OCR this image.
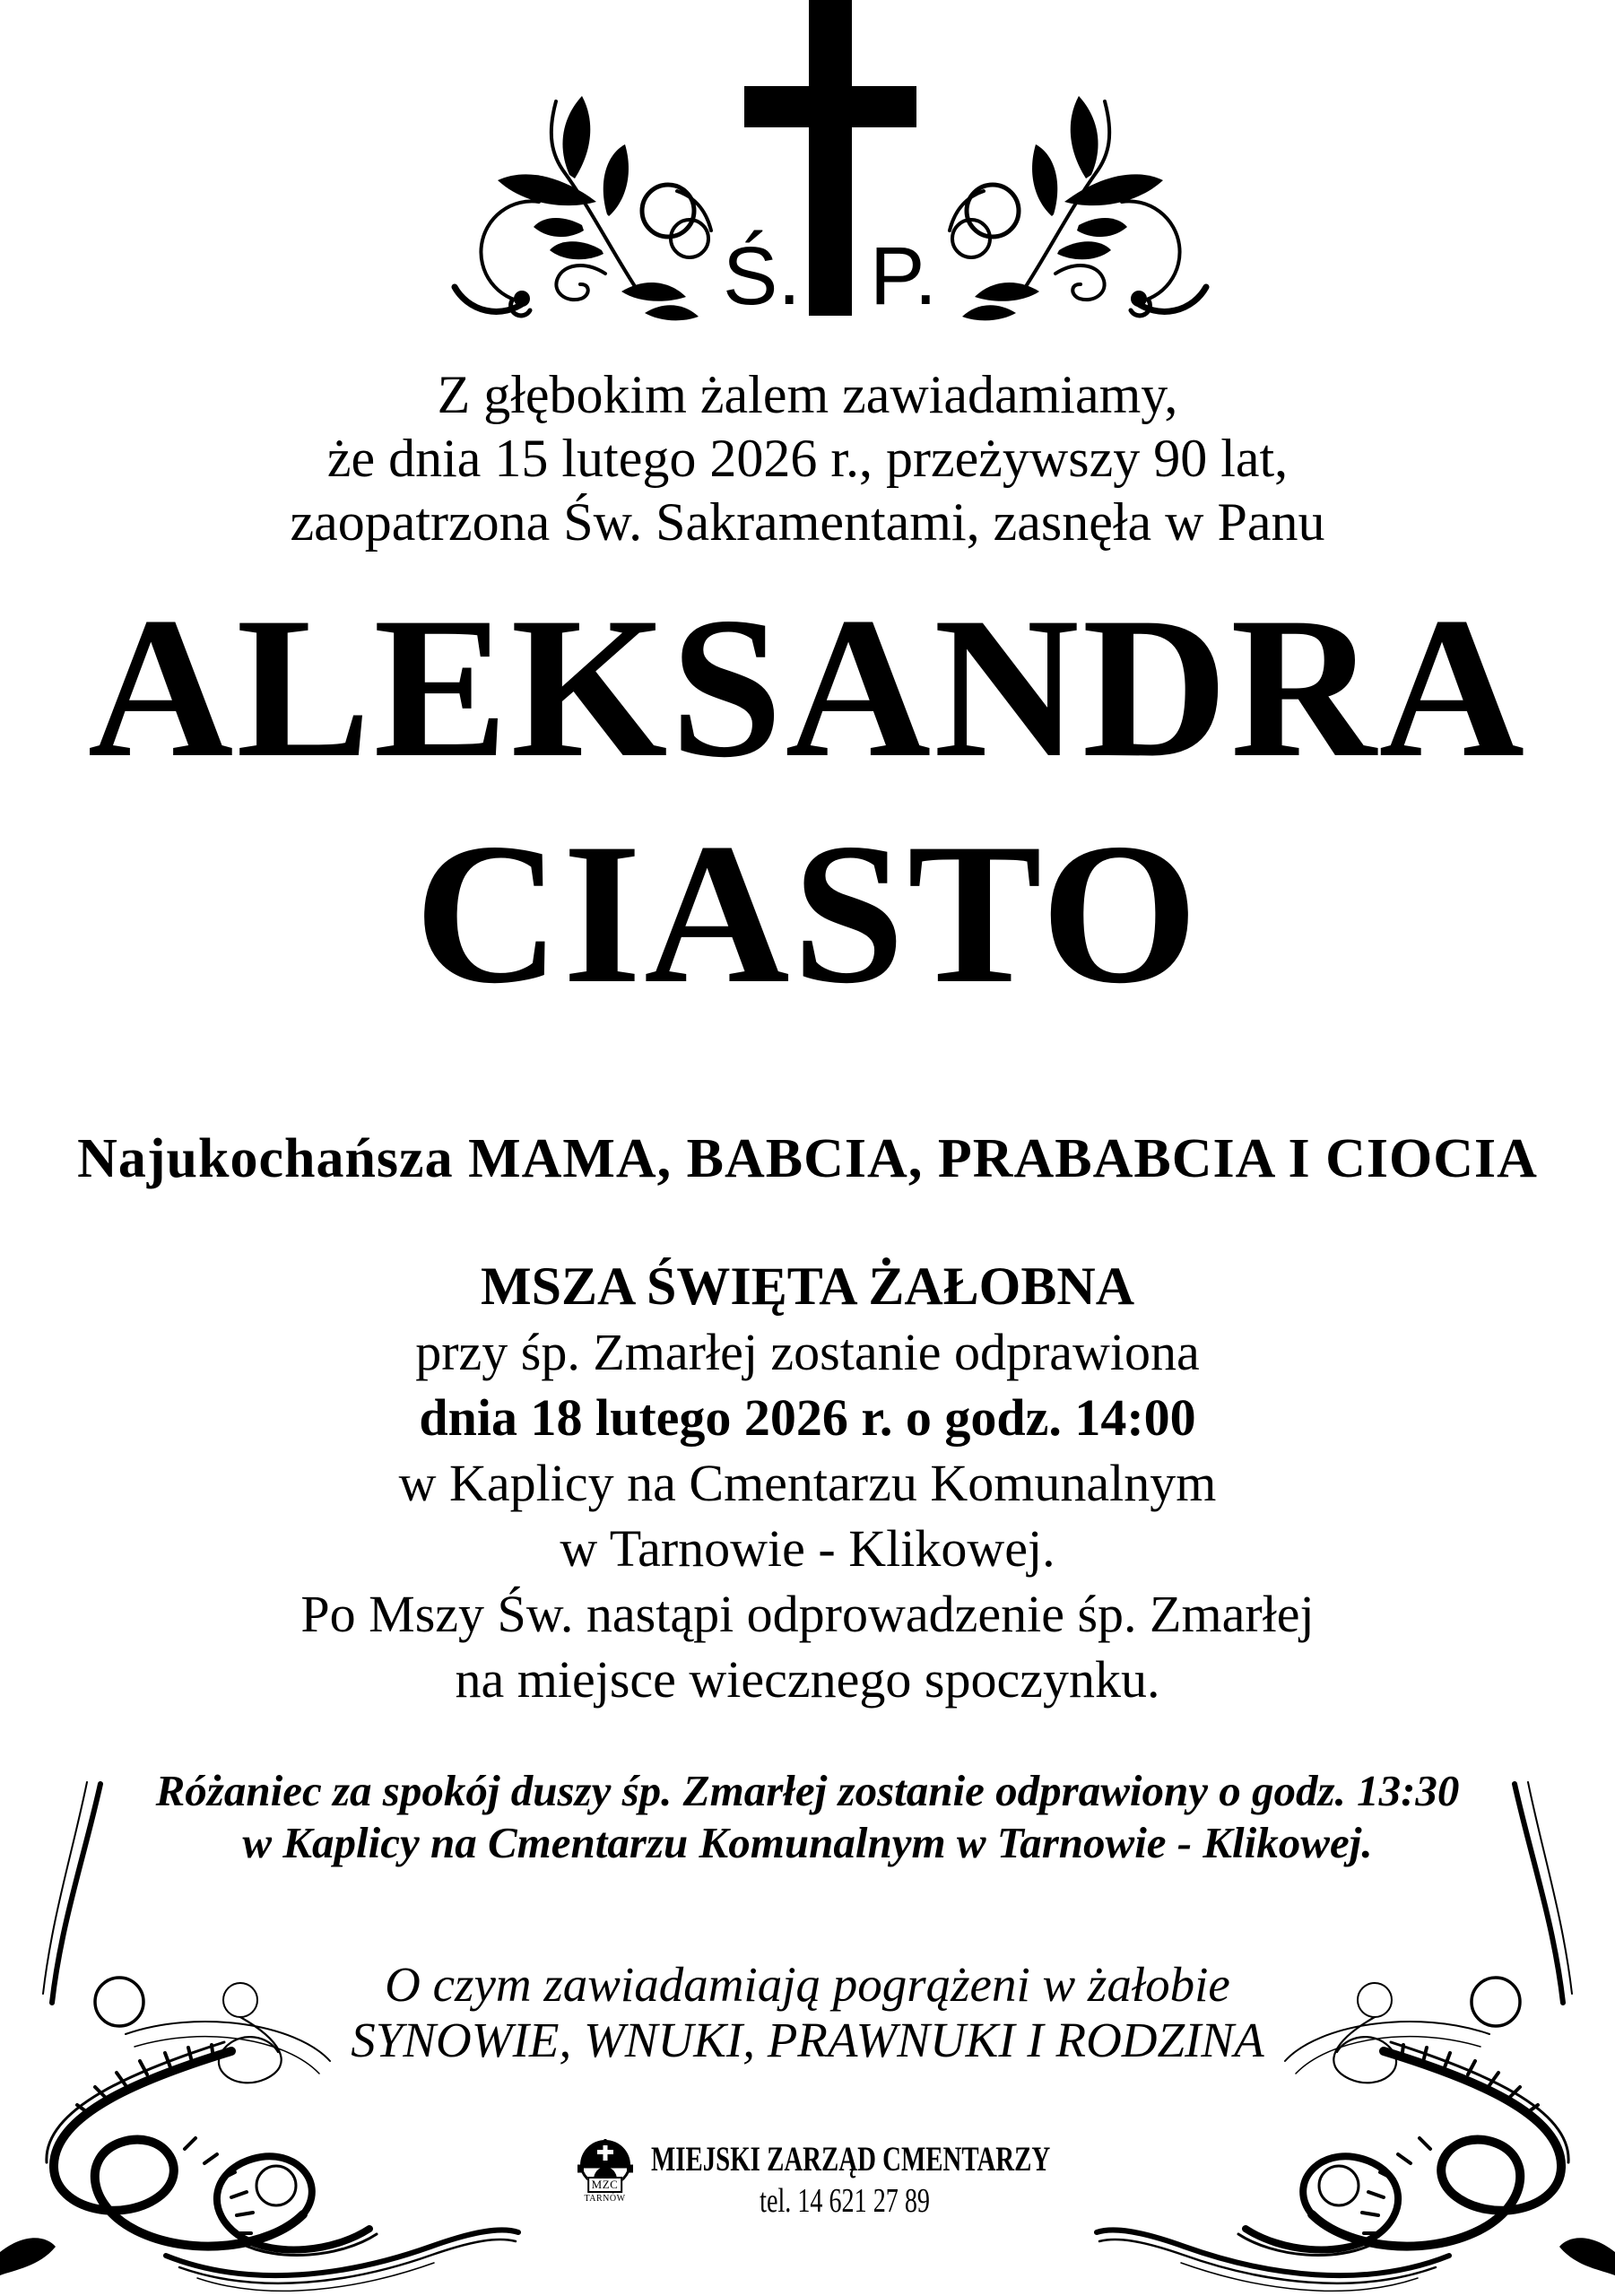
Ś. P.
Z głębokim żalem zawiadamiamy,
że dnia 15 lutego 2026 r., przeżywszy 90 lat,
zaopatrzona Św. Sakramentami, zasnęła w Panu
ALEKSANDRA
CIASTO
Najukochańsza MAMA, BABCIA, PRABABCIA I CIOCIA
MSZA ŚWIĘTA ŻAŁOBNA
przy śp. Zmarłej zostanie odprawiona
dnia 18 lutego 2026 r. o godz. 14:00
w Kaplicy na Cmentarzu Komunalnym
w Tarnowie - Klikowej.
Po Mszy Św. nastąpi odprowadzenie śp. Zmarłej
na miejsce wiecznego spoczynku.
Różaniec za spokój duszy śp. Zmarłej zostanie odprawiony o godz. 13:30
w Kaplicy na Cmentarzu Komunalnym w Tarnowie - Klikowej.
O czym zawiadamiają pogrążeni w żałobie
SYNOWIE, WNUKI, PRAWNUKI I RODZINA
MZC
TARNÓW
MIEJSKI ZARZĄD CMENTARZY
tel. 14 621 27 89
